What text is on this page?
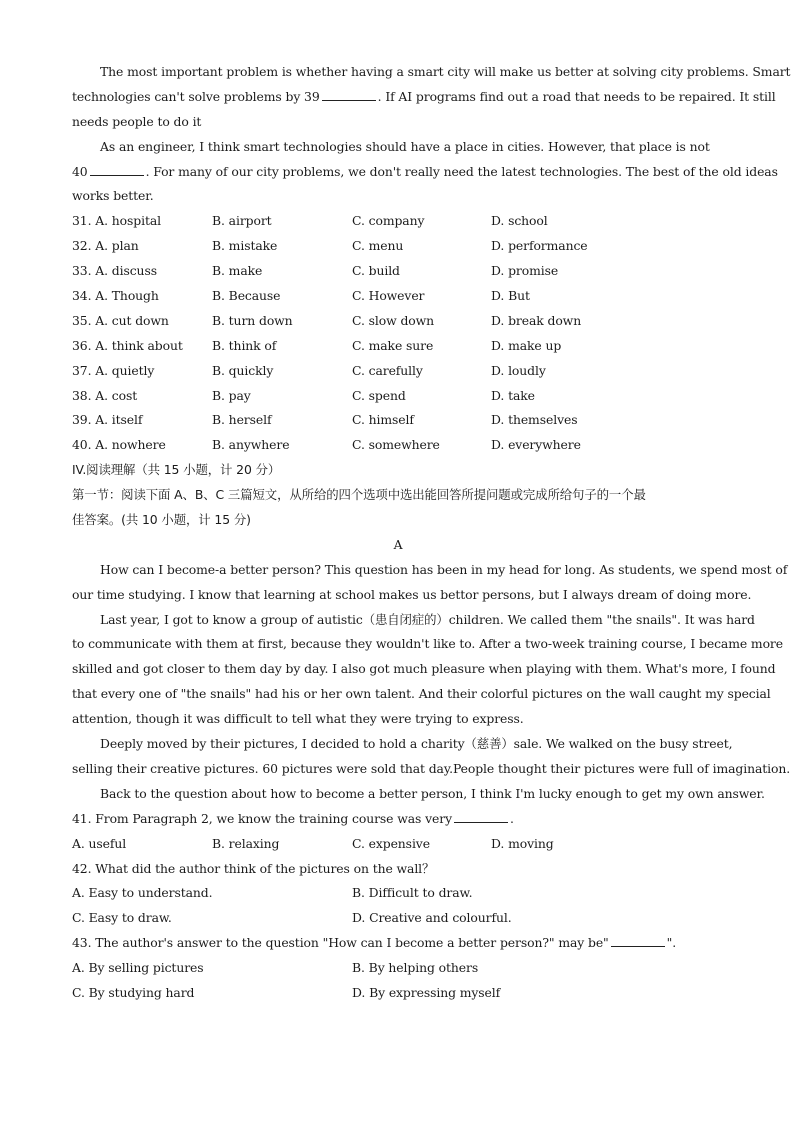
The most important problem is whether having a smart city will make us better at solving city problems. Smart
technologies can't solve problems by 39	. If AI programs find out a road that needs to be repaired. It still
needs people to do it
As an engineer, I think smart technologies should have a place in cities. However, that place is not
40	. For many of our city problems, we don't really need the latest technologies. The best of the old ideas
works better.
31. A. hospital	B. airport	C. company	D. school
32. A. plan	B. mistake	C. menu	D. performance
33. A. discuss	B. make	C. build	D. promise
34. A. Though	B. Because	C. However	D. But
35. A. cut down	B. turn down	C. slow down	D. break down
36. A. think about B. think of	C. make sure	D. make up
37. A. quietly	B. quickly	C. carefully	D. loudly
38. A. cost	B. pay	C. spend	D. take
39. A. itself	B. herself	C. himself	D. themselves
40. A. nowhere	B. anywhere	C. somewhere	D. everywhere
IV.阅读理解（共 15 小题，计 20 分）
第一节：阅读下面 A、B、C 三篇短文，从所给的四个选项中选出能回答所提问题或完成所给句子的一个最
佳答案。(共 10 小题，计 15 分)
A
How can I become-a better person? This question has been in my head for long. As students, we spend most of
our time studying. I know that learning at school makes us bettor persons, but I always dream of doing more.
Last year, I got to know a group of autistic（患自闭症的）children. We called them "the snails". It was hard
to communicate with them at first, because they wouldn't like to. After a two-week training course, I became more
skilled and got closer to them day by day. I also got much pleasure when playing with them. What's more, I found
that every one of "the snails" had his or her own talent. And their colorful pictures on the wall caught my special
attention, though it was difficult to tell what they were trying to express.
Deeply moved by their pictures, I decided to hold a charity（慈善）sale. We walked on the busy street,
selling their creative pictures. 60 pictures were sold that day.People thought their pictures were full of imagination.
Back to the question about how to become a better person, I think I'm lucky enough to get my own answer.
41. From Paragraph 2, we know the training course was very	.
A. useful	B. relaxing	C. expensive	D. moving
42. What did the author think of the pictures on the wall？
A. Easy to understand.	B. Difficult to draw.
C. Easy to draw.	D. Creative and colourful.
43. The author's answer to the question "How can I become a better person?" may be"	".
A. By selling pictures	B. By helping others
C. By studying hard	D. By expressing myself
